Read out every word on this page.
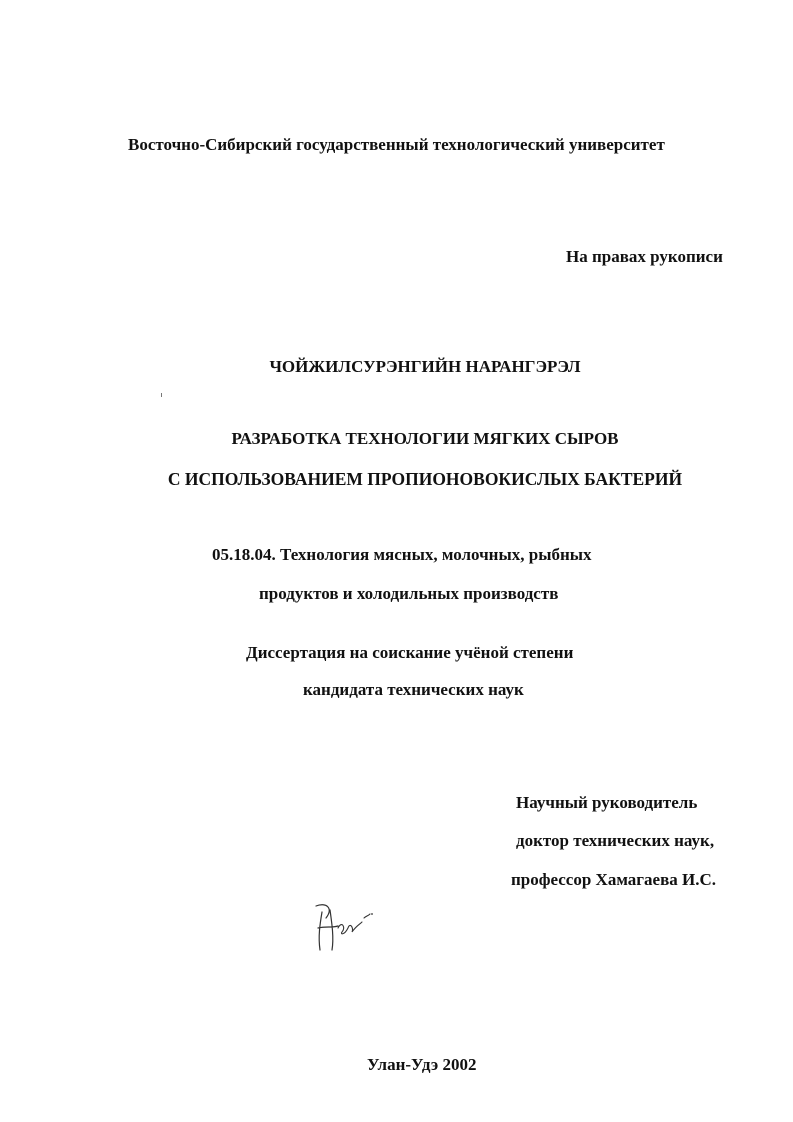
Восточно-Сибирский государственный технологический университет
На правах рукописи
ЧОЙЖИЛСУРЭНГИЙН НАРАНГЭРЭЛ
РАЗРАБОТКА ТЕХНОЛОГИИ МЯГКИХ СЫРОВ
С ИСПОЛЬЗОВАНИЕМ ПРОПИОНОВОКИСЛЫХ БАКТЕРИЙ
05.18.04. Технология мясных, молочных, рыбных
продуктов и холодильных производств
Диссертация на соискание учёной степени
кандидата технических наук
Научный руководитель
доктор технических наук,
профессор Хамагаева И.С.
Улан-Удэ 2002
